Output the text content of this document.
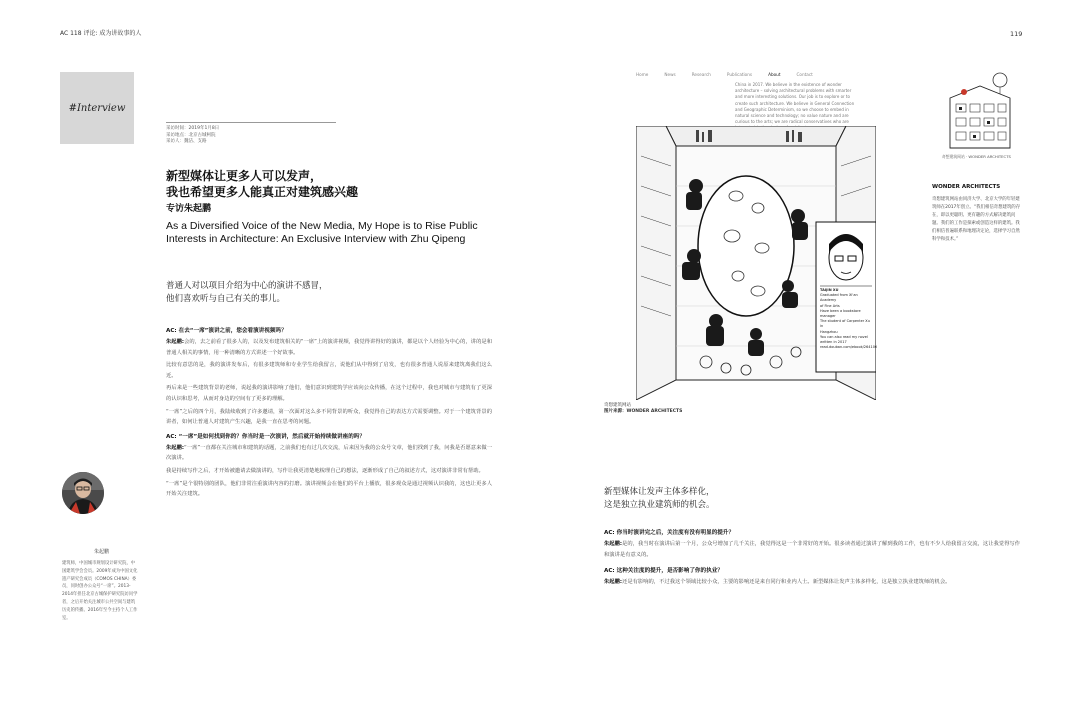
AC 118 评论: 成为讲故事的人	119
#Interview
采访时间：2019年1月8日
采访地点：北京古城柯院
采访人：魏洁、支路
新型媒体让更多人可以发声，
我也希望更多人能真正对建筑感兴趣
专访朱起鹏
As a Diversified Voice of the New Media, My Hope is to Rise Public
Interests in Architecture: An Exclusive Interview with Zhu Qipeng
普通人对以项目介绍为中心的演讲不感冒，
他们喜欢听与自己有关的事儿。
AC: 在去“一席”演讲之前，您会看演讲视频吗？

朱起鹏:会的，去之前看了很多人的，以及发布建筑相关的“一席”上的演讲视频，我觉得讲得好的演讲，都是以个人经验为中心的，讲的是和普通人相关的事情，用一种清晰的方式讲述一个好故事。

比较有意思的是，我的演讲发布后，有很多建筑师和专业学生给我留言，说他们从中得到了启发，也有很多普通人说原来建筑离我们这么近。

再后来是一些建筑背景的老师，说起我的演讲影响了他们，他们意识到建筑学应该向公众传播，在这个过程中，我也对城市与建筑有了更深的认识和思考，从而对身边的空间有了更多的理解。

“一席”之后的四个月，我陆续收到了许多邀请，第一次面对这么多不同背景的听众，我觉得自己的表达方式需要调整。对于一个建筑背景的讲者，如何让普通人对建筑产生兴趣，是我一直在思考的问题。

AC: “一席”是如何找到你的？你当时是一次演讲，然后就开始持续做讲座的吗？

朱起鹏:“一席”一直都在关注城市和建筑的话题，之前我们也有过几次交流，后来因为我的公众号文章，他们找到了我，问我是否愿意来做一次演讲。

我是持续写作之后，才开始被邀请去做演讲的，写作让我更清楚地梳理自己的想法，逐渐形成了自己的叙述方式，这对演讲非常有帮助。

“一席”是个很特别的团队，他们非常注重演讲内容的打磨。演讲视频会在他们的平台上播放，很多观众是通过视频认识我的，这也让更多人开始关注建筑。

朱起鹏
建筑师，中国城市规划设计研究院，中国建筑学会会员。2009年成为中国文化遗产研究会成员（COMOS CHINA）委员，同时创办公众号“一席”。2013-2014年担任北京古城保护研究院访问学者，之后开始关注城市公共空间与建筑历史的传播。2016年至今主持个人工作室。
Home	News	Research	Publications	About	Contact
China in 2017. We believe in the existence of wonder architecture – solving architectural problems with smarter and more interesting solutions. Our job is to explore or to create such architecture. We believe in General Connection and Geographic Determinism, so we choose to embed in natural science and technology; no value nature and are curious to the arts; we are radical conservatives who are
TAIJIN XU
Graduated from Xi'an Academy
of Fine Arts
Have been a bookstore manager
The student of Carpenter Xu in
Hangzhou
You can also read my novel
written in 2017
read.douban.com/ebook/264100
奇想建筑网站
图片来源：WONDER ARCHITECTS
奇想建筑网站 · WONDER ARCHITECTS
WONDER ARCHITECTS
奇想建筑网站由同济大学、北京大学的年轻建筑师在2017年创立。“我们相信奇想建筑的存在，即以更聪明、更有趣的方式解决建筑问题。我们的工作是探索或创造这样的建筑。我们相信普遍联系和地理决定论，选择学习自然科学和技术。”
新型媒体让发声主体多样化，
这是独立执业建筑师的机会。
AC: 你当时演讲完之后，关注度有没有明显的提升？

朱起鹏:是的，我当时在演讲后第一个月，公众号增加了几千关注，我觉得这是一个非常好的开始。很多读者通过演讲了解到我的工作，也有不少人给我留言交流，这让我觉得写作和演讲是有意义的。

AC: 这种关注度的提升，是否影响了你的执业？

朱起鹏:还是有影响的，不过我这个领域比较小众，主要的影响还是来自同行和业内人士。新型媒体让发声主体多样化，这是独立执业建筑师的机会。
